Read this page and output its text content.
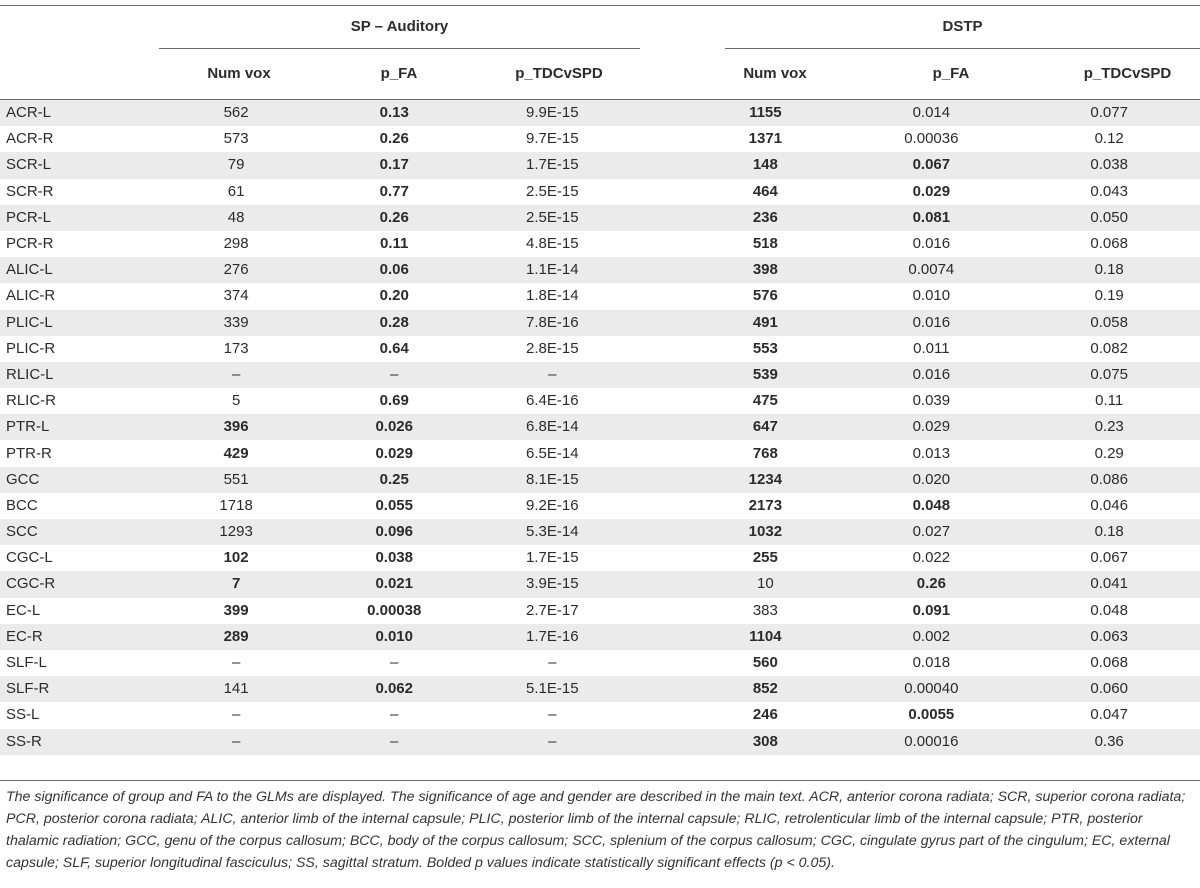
SP – Auditory	DSTP
Num vox	p_FA	p_TDCvSPD	Num vox	p_FA	p_TDCvSPD
ACR-L	562	0.13	9.9E-15		1155	0.014	0.077
ACR-R	573	0.26	9.7E-15		1371	0.00036	0.12
SCR-L	79	0.17	1.7E-15		148	0.067	0.038
SCR-R	61	0.77	2.5E-15		464	0.029	0.043
PCR-L	48	0.26	2.5E-15		236	0.081	0.050
PCR-R	298	0.11	4.8E-15		518	0.016	0.068
ALIC-L	276	0.06	1.1E-14		398	0.0074	0.18
ALIC-R	374	0.20	1.8E-14		576	0.010	0.19
PLIC-L	339	0.28	7.8E-16		491	0.016	0.058
PLIC-R	173	0.64	2.8E-15		553	0.011	0.082
RLIC-L	–	–	–		539	0.016	0.075
RLIC-R	5	0.69	6.4E-16		475	0.039	0.11
PTR-L	396	0.026	6.8E-14		647	0.029	0.23
PTR-R	429	0.029	6.5E-14		768	0.013	0.29
GCC	551	0.25	8.1E-15		1234	0.020	0.086
BCC	1718	0.055	9.2E-16		2173	0.048	0.046
SCC	1293	0.096	5.3E-14		1032	0.027	0.18
CGC-L	102	0.038	1.7E-15		255	0.022	0.067
CGC-R	7	0.021	3.9E-15		10	0.26	0.041
EC-L	399	0.00038	2.7E-17		383	0.091	0.048
EC-R	289	0.010	1.7E-16		1104	0.002	0.063
SLF-L	–	–	–		560	0.018	0.068
SLF-R	141	0.062	5.1E-15		852	0.00040	0.060
SS-L	–	–	–		246	0.0055	0.047
SS-R	–	–	–		308	0.00016	0.36

The significance of group and FA to the GLMs are displayed. The significance of age and gender are described in the main text. ACR, anterior corona radiata; SCR, superior corona radiata; PCR, posterior corona radiata; ALIC, anterior limb of the internal capsule; PLIC, posterior limb of the internal capsule; RLIC, retrolenticular limb of the internal capsule; PTR, posterior thalamic radiation; GCC, genu of the corpus callosum; BCC, body of the corpus callosum; SCC, splenium of the corpus callosum; CGC, cingulate gyrus part of the cingulum; EC, external capsule; SLF, superior longitudinal fasciculus; SS, sagittal stratum. Bolded p values indicate statistically significant effects (p < 0.05).
